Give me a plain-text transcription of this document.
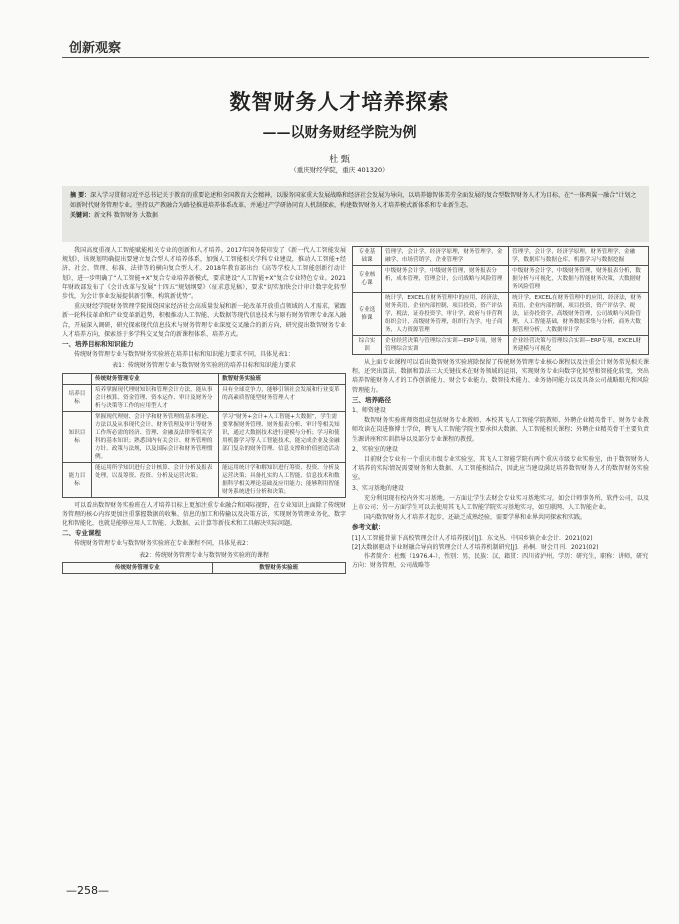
创新观察
数智财务人才培养探索
——以财务财经学院为例
杜 甄
（重庆财经学院，重庆 401320）
摘 要：深入学习贯彻习近平总书记关于教育的重要论述和全国教育大会精神，以服务国家重大发展战略和经济社会发展为导向，以培养德智体美劳全面发展的复合型数智财务人才为目标，在“一体两翼一融合”计划之如新时代财务管理专业。坚持以产教融合为路径推进培养体系改革，并通过产学研协同育人机制探索，构建数智财务人才培养模式新体系和专业新生态。
关键词：新文科 数智财务 大数据

我国高度重视人工智能赋能相关专业的创新和人才培养。2017年国务院印发了《新一代人工智能发展规划》，该规划明确提出要建立复合型人才培养体系，加强人工智能相关学科专业建设，推动人工智能+经济、社会、管理、标准、法律等的横向复合型人才。2018年教育部出台《高等学校人工智能创新行动计划》，进一步明确了“人工智能+X”复合专业培养新模式，要求建设“人工智能+X”复合专业特色专业。2021年财政部发布了《会计改革与发展“十四五”规划纲要》（征求意见稿），要求“切实加快会计审计数字化转型步伐，为会计事业发展提供新引擎、构筑新优势”。

重庆财经学院财务管理学院围绕国家经济社会高质量发展和新一轮改革开放重点领域的人才需求，紧跟新一轮科技革命和产业变革新趋势，积极推动人工智能、大数据等现代信息技术与原有财务管理专业深入融合，开展深入调研，研究探索现代信息技术与财务管理专业深度交叉融合的新方向，研究提出数智财务专业人才培养方向，探索基于多学科交叉复合的新课程体系、培养方式。

一、培养目标和知识能力

传统财务管理专业与数智财务实验班在培养目标和知识能力要求不同，具体见表1：

表1：传统财务管理专业与数智财务实验班的培养目标和知识能力要求
	传统财务管理专业	数智财务实验班
培养目标	培养掌握现代理财知识和管理会计方法，能从事会计核算、资金管理、资本运作、审计及财务分析与决策等工作的应用型人才	具有全球竞争力，能够引领社会发展和行业变革的高素质智能型财务管理人才
知识目标	掌握现代理财、会计学和财务管理的基本理论、方法以及从事现代会计、财务管理及审计等财务工作所必需的经济、管理、金融及法律等相关学科的基本知识；熟悉国内有关会计、财务管理的方针、政策与法规，以及国际会计和财务管理惯例。	学习“财务+会计+人工智能+大数据”，学生需要掌握财务管理、财务报表分析、审计等相关知识，通过大数据技术进行建模与分析；学习和使用机器学习等人工智能技术，能完成企业及金融部门复杂的财务管理、信息支撑和价值创造活动
能力目标	能运用所学知识进行会计核算、会计分析及报表处理，以及筹资、投资、分析及运营决策；	能运用统计学和解知识进行筹资、投资、分析及运营决策；具备扎实的人工智能、信息技术和数据科学相关理论基础及应用能力；能够利用智能财务系统进行分析和决策；

可以看出数智财务实验班在人才培养目标上更加注重专业融合和国际视野，在专业知识上面除了传统财务管理的核心内容更加注重掌握数据的收集、信息的加工和传输以及决策方法，实现财务管理业务化、数字化和智能化，也就是能够应用人工智能、大数据、云计算等新技术和工具解决实际问题。

二、专业课程

传统财务管理专业与数智财务实验班在专业课程不同，具体见表2：

表2：传统财务管理专业与数智财务实验班的课程
传统财务管理专业	数智财务实验班
专业基础课	管理学，会计学，经济学原理，财务管理学，金融学，市场营销学，企业管理学	管理学，会计学，经济学原理，财务管理学，金融学，数据库与数据仓库，机器学习与数据挖掘
专业核心课	中级财务会计学，中级财务管理，财务报表分析，成本管理，管理会计，公司战略与风险管理	中级财务会计学，中级财务管理，财务报表分析，数据分析与可视化，大数据与智能财务决策，大数据财务风险管理
专业选修课	统计学，EXCEL在财务管理中的应用，经济法，财务英语，企业内部控制，项目投资，资产评估学，税法，证券投资学，审计学，政府与非营利组织会计，高级财务管理，组织行为学，电子商务，人力资源管理	统计学，EXCEL在财务管理中的应用，经济法，财务英语，企业内部控制，项目投资，资产评估学，税法，证券投资学，高级财务管理，公司战略与风险管理，人工智能基础，财务数据采集与分析，商务大数据管理分析，大数据审计学
综合实训	企业经营决策与管理综合实训—ERP专项，财务管理综合实训	企业经营决策与管理综合实训—ERP专项，EXCEL财务建模与可视化

从上面专业课程可以看出数智财务实验班除保留了传统财务管理专业核心课程以及注重会计财务常见相关课程，还突出算法、数据和算法三大关键技术在财务领域的运用，实现财务专业向数字化转型和智能化转变，突出培养智能财务人才的工作创新能力、财会专业能力、数智技术能力、业务协同能力以及具备公司战略眼光和风险管理能力。

三、培养路径
1、师资建设

数智财务实验班师资组成包括财务专业教师、本校其飞人工智能学院教师、外聘企业精英骨干、财务专业教师攻读在岗进修博士学位，聘飞人工智能学院主要承担大数据、人工智能相关课程；外聘企业精英骨干主要负责生源讲座和实训指导以及部分专业课程的教授。

2、实验室的建设

目前财会专业有一个重庆市级专业实验室，其飞人工智能学院有两个重庆市级专业实验室，由于数智财务人才培养的实际情况需要财务和大数据、人工智能相结合，因此应当建设满足培养数智财务人才的数智财务实验室。

3、实习基地的建设

充分利用现有校内外实习基地，一方面让学生去财会专业实习基地实习，如会计师事务所、软件公司，以及上市公司；另一方面学生可以去使用其飞人工智能学院实习基地实习，如互联网、人工智能企业。

国内数智财务人才培养才起步，还缺乏成熟经验，需要学界和业界共同探索和实践。

参考文献：
[1]人工智能背景下高校管理会计人才培养探讨[J]．东文丛．中国乡镇企业会计．2021(02)
[2]大数据驱动下业财融合导向的管理会计人才培养机制研究[J]．孙桐．财会月刊．2021(02)
作者简介：杜甄（1976.4-），性别：男，民族：汉，籍贯：四川省泸州，学历：研究生，职称：讲师，研究方向：财务管理，公司战略等
—258—
